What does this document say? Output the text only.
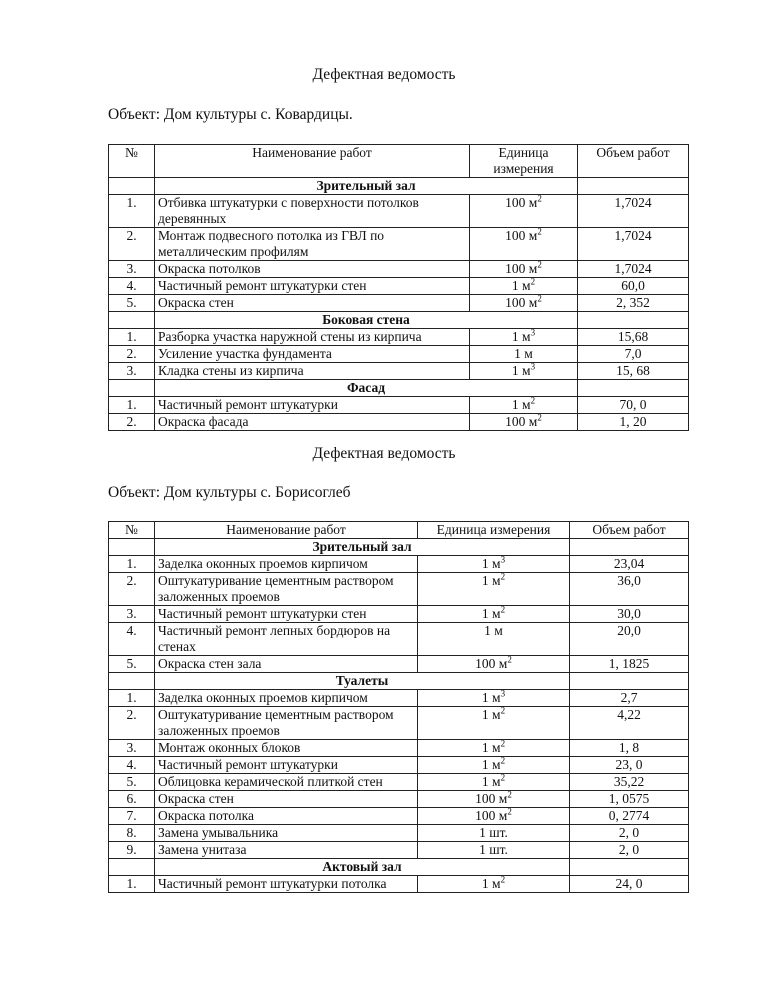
Дефектная ведомость
Объект: Дом культуры с. Ковардицы.
№	Наименование работ	Единица измерения	Объем работ
	Зрительный зал		
1.	Отбивка штукатурки с поверхности потолков деревянных	100 $м^2$	1,7024
2.	Монтаж подвесного потолка из ГВЛ по металлическим профилям	100 $м^2$	1,7024
3.	Окраска потолков	100 $м^2$	1,7024
4.	Частичный ремонт штукатурки стен	1 $м^2$	60,0
5.	Окраска стен	100 $м^2$	2, 352
	Боковая стена		
1.	Разборка участка наружной стены из кирпича	1 $м^3$	15,68
2.	Усиление участка фундамента	1 м	7,0
3.	Кладка стены из кирпича	1 $м^3$	15, 68
	Фасад		
1.	Частичный ремонт штукатурки	1 $м^2$	70, 0
2.	Окраска фасада	100 $м^2$	1, 20
Дефектная ведомость
Объект: Дом культуры с. Борисоглеб
№	Наименование работ	Единица измерения	Объем работ
	Зрительный зал		
1.	Заделка оконных проемов кирпичом	1 $м^3$	23,04
2.	Оштукатуривание цементным раствором заложенных проемов	1 $м^2$	36,0
3.	Частичный ремонт штукатурки стен	1 $м^2$	30,0
4.	Частичный ремонт лепных бордюров на стенах	1 м	20,0
5.	Окраска стен зала	100 $м^2$	1, 1825
	Туалеты		
1.	Заделка оконных проемов кирпичом	1 $м^3$	2,7
2.	Оштукатуривание цементным раствором заложенных проемов	1 $м^2$	4,22
3.	Монтаж оконных блоков	1 $м^2$	1, 8
4.	Частичный ремонт штукатурки	1 $м^2$	23, 0
5.	Облицовка керамической плиткой стен	1 $м^2$	35,22
6.	Окраска стен	100 $м^2$	1, 0575
7.	Окраска потолка	100 $м^2$	0, 2774
8.	Замена умывальника	1 шт.	2, 0
9.	Замена унитаза	1 шт.	2, 0
	Актовый зал		
1.	Частичный ремонт штукатурки потолка	1 $м^2$	24, 0
